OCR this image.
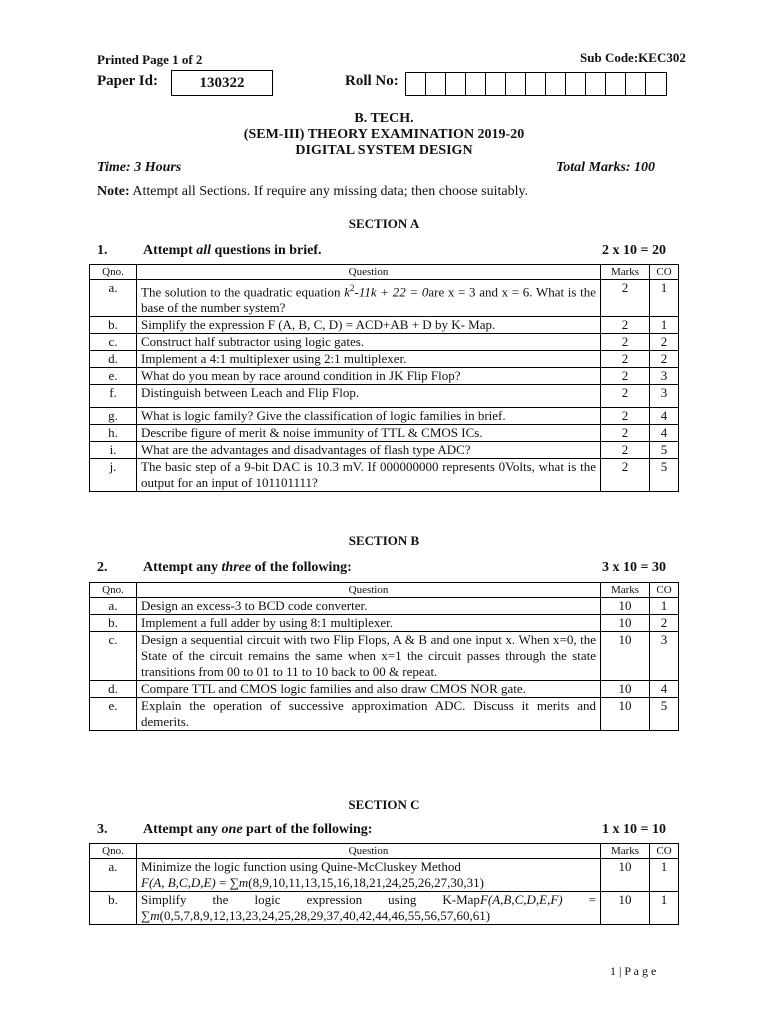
Printed Page 1 of 2	Sub Code:KEC302
Paper Id:	130322	Roll No:
B. TECH.
(SEM-III) THEORY EXAMINATION 2019-20
DIGITAL SYSTEM DESIGN
Time: 3 Hours	Total Marks: 100
Note: Attempt all Sections. If require any missing data; then choose suitably.
SECTION A
1.	Attempt all questions in brief.	2 x 10 = 20
Qno.	Question	Marks	CO
a.	The solution to the quadratic equation $k^2-11k + 22 = 0are$ x = 3 and x = 6. What is the base of the number system?	2	1
b.	Simplify the expression F (A, B, C, $D) = ACD+\overline{A}B + \overline{D}$ by K- Map.	2	1
c.	Construct half subtractor using logic gates.	2	2
d.	Implement a 4:1 multiplexer using 2:1 multiplexer.	2	2
e.	What do you mean by race around condition in JK Flip Flop?	2	3
f.	Distinguish between Leach and Flip Flop.	2	3
g.	What is logic family? Give the classification of logic families in brief.	2	4
h.	Describe figure of merit & noise immunity of TTL & CMOS ICs.	2	4
i.	What are the advantages and disadvantages of flash type ADC?	2	5
j.	The basic step of a 9-bit DAC is 10.3 mV. If 000000000 represents 0Volts, what is the output for an input of 101101111?	2	5
SECTION B
2.	Attempt any three of the following:	3 x 10 = 30
Qno.	Question	Marks	CO
a.	Design an excess-3 to BCD code converter.	10	1
b.	Implement a full adder by using 8:1 multiplexer.	10	2
c.	Design a sequential circuit with two Flip Flops, A & B and one input x. When x=0, the State of the circuit remains the same when x=1 the circuit passes through the state transitions from 00 to 01 to 11 to 10 back to 00 & repeat.	10	3
d.	Compare TTL and CMOS logic families and also draw CMOS NOR gate.	10	4
e.	Explain the operation of successive approximation ADC. Discuss it merits and demerits.	10	5
SECTION C
3.	Attempt any one part of the following:	1 x 10 = 10
Qno.	Question	Marks	CO
a.	Minimize the logic function using Quine-McCluskey Method
F(A, B,C,D,E) = ∑m(8,9,10,11,13,15,16,18,21,24,25,26,27,30,31)	10	1
b.	Simplify the logic expression using K-MapF(A,B,C,D,E,F) = ∑m(0,5,7,8,9,12,13,23,24,25,28,29,37,40,42,44,46,55,56,57,60,61)	10	1
1 | P a g e
